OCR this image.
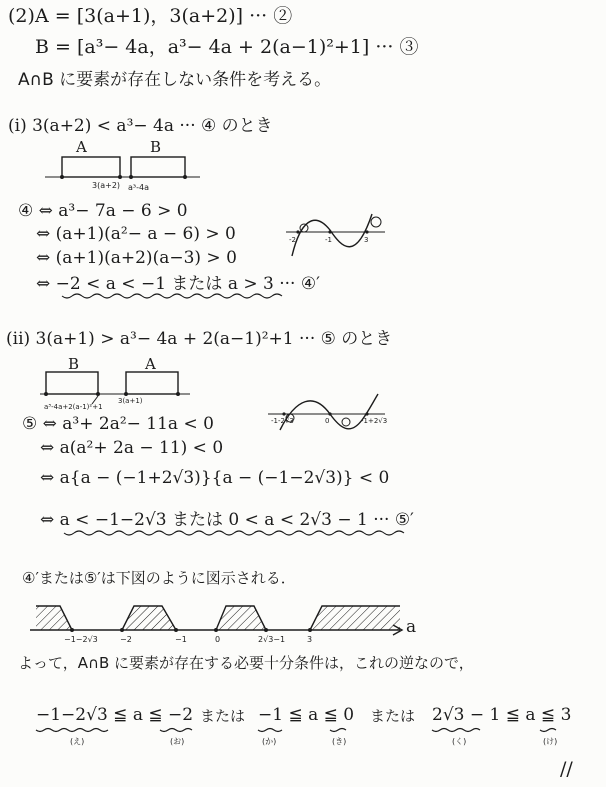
(2) A = [3(a+1)，3(a+2)] ··· ②
B = [a³− 4a，a³− 4a + 2(a−1)²+1] ··· ③
A∩B に要素が存在しない条件を考える。
(i) 3(a+2) < a³− 4a ··· ④ のとき
A	B
3(a+2) a³-4a
④ ⇔ a³− 7a − 6 > 0
⇔ (a+1)(a²− a − 6) > 0
⇔ (a+1)(a+2)(a−3) > 0
⇔ −2 < a < −1 または a > 3 ··· ④′
-2	-1	3
(ii) 3(a+1) > a³− 4a + 2(a−1)²+1 ··· ⑤ のとき
B	A
a³-4a+2(a-1)²+1
3(a+1)
⑤ ⇔ a³+ 2a²− 11a < 0
⇔ a(a²+ 2a − 11) < 0
⇔ a{a − (−1+2√3)}{a − (−1−2√3)} < 0
⇔ a < −1−2√3 または 0 < a < 2√3 − 1 ··· ⑤′
-1-2√3	0	-1+2√3
④′または⑤′は下図のように図示される．
−1−2√3	−2	−1	0	2√3−1	3
a
よって，A∩B に要素が存在する必要十分条件は，これの逆なので，
−1−2√3 ≦ a ≦ −2 または −1 ≦ a ≦ 0 または 2√3 − 1 ≦ a ≦ 3
(え)	(お)	(か)	(き)	(く)	(け)
//
